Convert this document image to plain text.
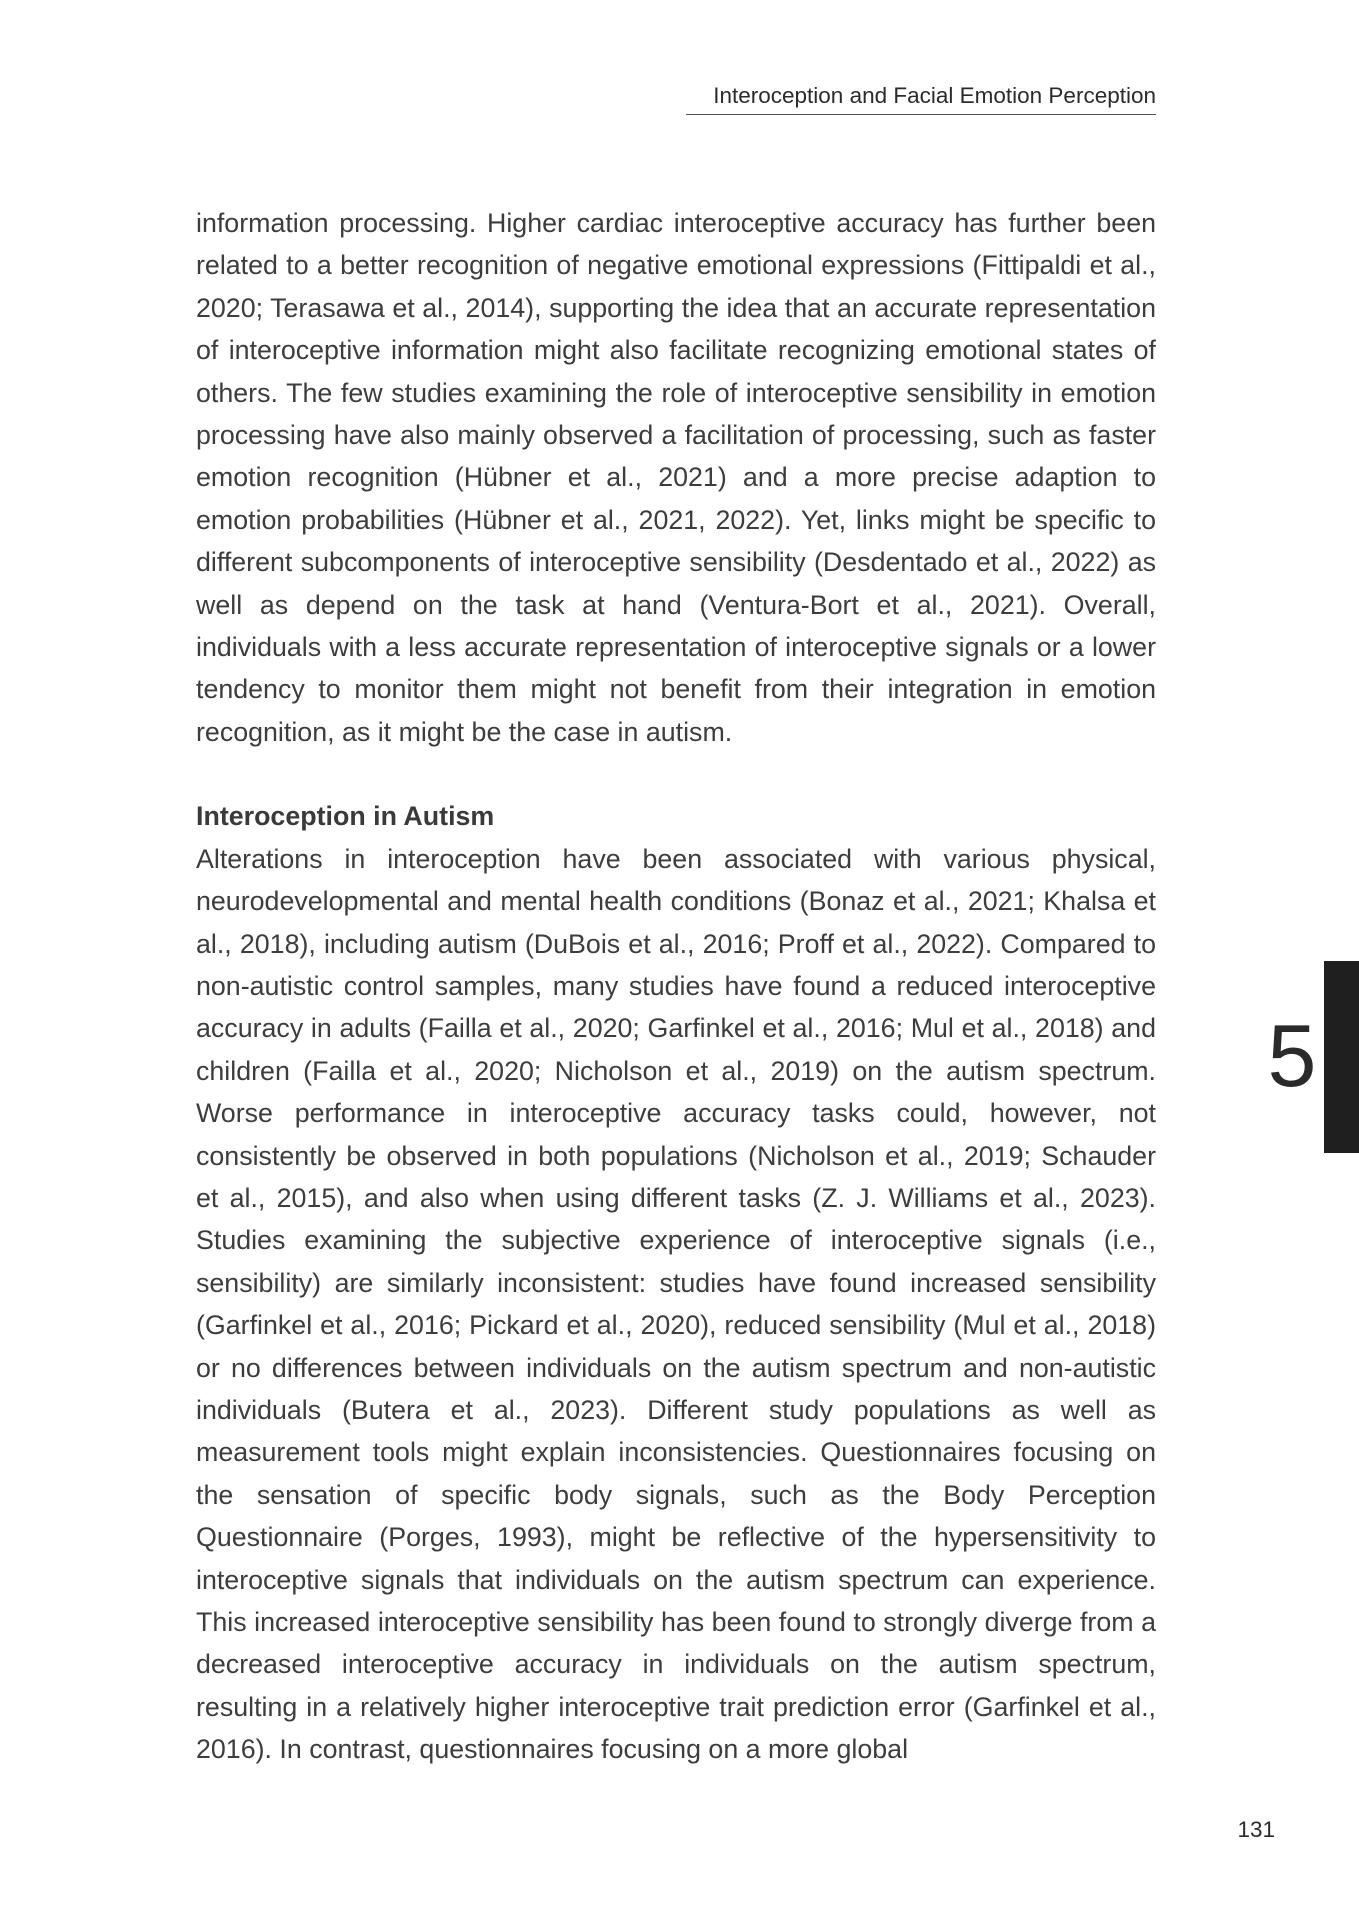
Interoception and Facial Emotion Perception

information processing. Higher cardiac interoceptive accuracy has further been related to a better recognition of negative emotional expressions (Fittipaldi et al., 2020; Terasawa et al., 2014), supporting the idea that an accurate representation of interoceptive information might also facilitate recognizing emotional states of others. The few studies examining the role of interoceptive sensibility in emotion processing have also mainly observed a facilitation of processing, such as faster emotion recognition (Hübner et al., 2021) and a more precise adaption to emotion probabilities (Hübner et al., 2021, 2022). Yet, links might be specific to different subcomponents of interoceptive sensibility (Desdentado et al., 2022) as well as depend on the task at hand (Ventura-Bort et al., 2021). Overall, individuals with a less accurate representation of interoceptive signals or a lower tendency to monitor them might not benefit from their integration in emotion recognition, as it might be the case in autism.

Interoception in Autism

Alterations in interoception have been associated with various physical, neurodevelopmental and mental health conditions (Bonaz et al., 2021; Khalsa et al., 2018), including autism (DuBois et al., 2016; Proff et al., 2022). Compared to non-autistic control samples, many studies have found a reduced interoceptive accuracy in adults (Failla et al., 2020; Garfinkel et al., 2016; Mul et al., 2018) and children (Failla et al., 2020; Nicholson et al., 2019) on the autism spectrum. Worse performance in interoceptive accuracy tasks could, however, not consistently be observed in both populations (Nicholson et al., 2019; Schauder et al., 2015), and also when using different tasks (Z. J. Williams et al., 2023). Studies examining the subjective experience of interoceptive signals (i.e., sensibility) are similarly inconsistent: studies have found increased sensibility (Garfinkel et al., 2016; Pickard et al., 2020), reduced sensibility (Mul et al., 2018) or no differences between individuals on the autism spectrum and non-autistic individuals (Butera et al., 2023). Different study populations as well as measurement tools might explain inconsistencies. Questionnaires focusing on the sensation of specific body signals, such as the Body Perception Questionnaire (Porges, 1993), might be reflective of the hypersensitivity to interoceptive signals that individuals on the autism spectrum can experience. This increased interoceptive sensibility has been found to strongly diverge from a decreased interoceptive accuracy in individuals on the autism spectrum, resulting in a relatively higher interoceptive trait prediction error (Garfinkel et al., 2016). In contrast, questionnaires focusing on a more global

5
131
